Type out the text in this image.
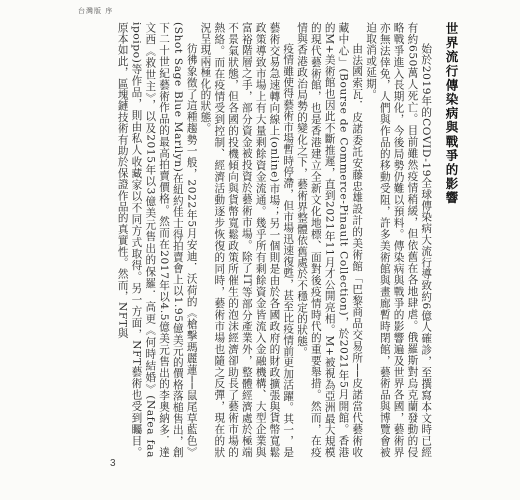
台灣版 序
世界流行傳染病與戰爭的影響

始於2019年的COVID-19全球傳染病大流行導致約6億人確診，至撰寫本文時已經有約650萬人死亡。目前雖然疫情稍緩，但依舊在各地肆虐。俄羅斯對烏克蘭發動的侵略戰爭進入長期化，今後局勢仍難以預料。傳染病與戰爭的影響遍及世界各國，藝術界亦無法倖免，人們與作品的移動受阻，許多美術館與畫廊暫時閉館，藝術品與博覽會被迫取消或延期。

由法國索瓦．皮諾委託安藤忠雄設計的美術館「巴黎商品交易所──皮諾當代藝術收藏中心」(Bourse de Commerce-Pinault Collection)，於2021年5月開館。香港的M+美術館也因此不斷推遲，直到2021年11月才公開亮相。M+被視為亞洲最大規模的現代藝術館，也是香港建立全新文化地標、面對後疫情時代的重要舉措。然而，在疫情與香港政治局勢的變化之下，藝術界整體依舊處於不穩定的狀態。

疫情雖使得藝術市場暫時停滯，但市場迅速復甦，甚至比疫情前更加活躍。其一，是藝術交易急速轉向線上(online)市場；另一個則是由於各國政府的財政擴張與貨幣寬鬆政策導致市場上有大量剩餘資金流通。幾乎所有剩餘資金皆流入金融機構、大型企業與富裕階層之手，部分資金被投資於藝術市場。除了IT等部分產業外，整體經濟處於極端不景氣狀態，但各國的投機傾向與貨幣寬鬆政策所催生的泡沫經濟卻助長了藝術市場的熱絡。而在疫情受到控制、經濟活動逐步恢復的同時，藝術市場也隨之反彈，現在的狀況呈現兩極化的狀態。

彷彿象徵了這種趨勢一般，2022年5月安迪．沃荷的《槍擊瑪麗蓮──鼠尾草藍色》(Shot Sage Blue Marilyn)在紐約佳士得拍賣會上以1.95億美元的價格落槌售出，創下二十世紀藝術作品的最高拍賣價格。然而在2017年以4.5億美元售出的李奧納多．達文西《救世主》，以及2015年以3億美元售出的保羅．高更《何時結婚》(Nafea faa ipoipo)等作品，則由私人收藏家以不同方式取得。另一方面，NFT藝術也受到矚目。原本如此，區塊鏈技術有助於保證作品的真實性。然而，NFT與

3
